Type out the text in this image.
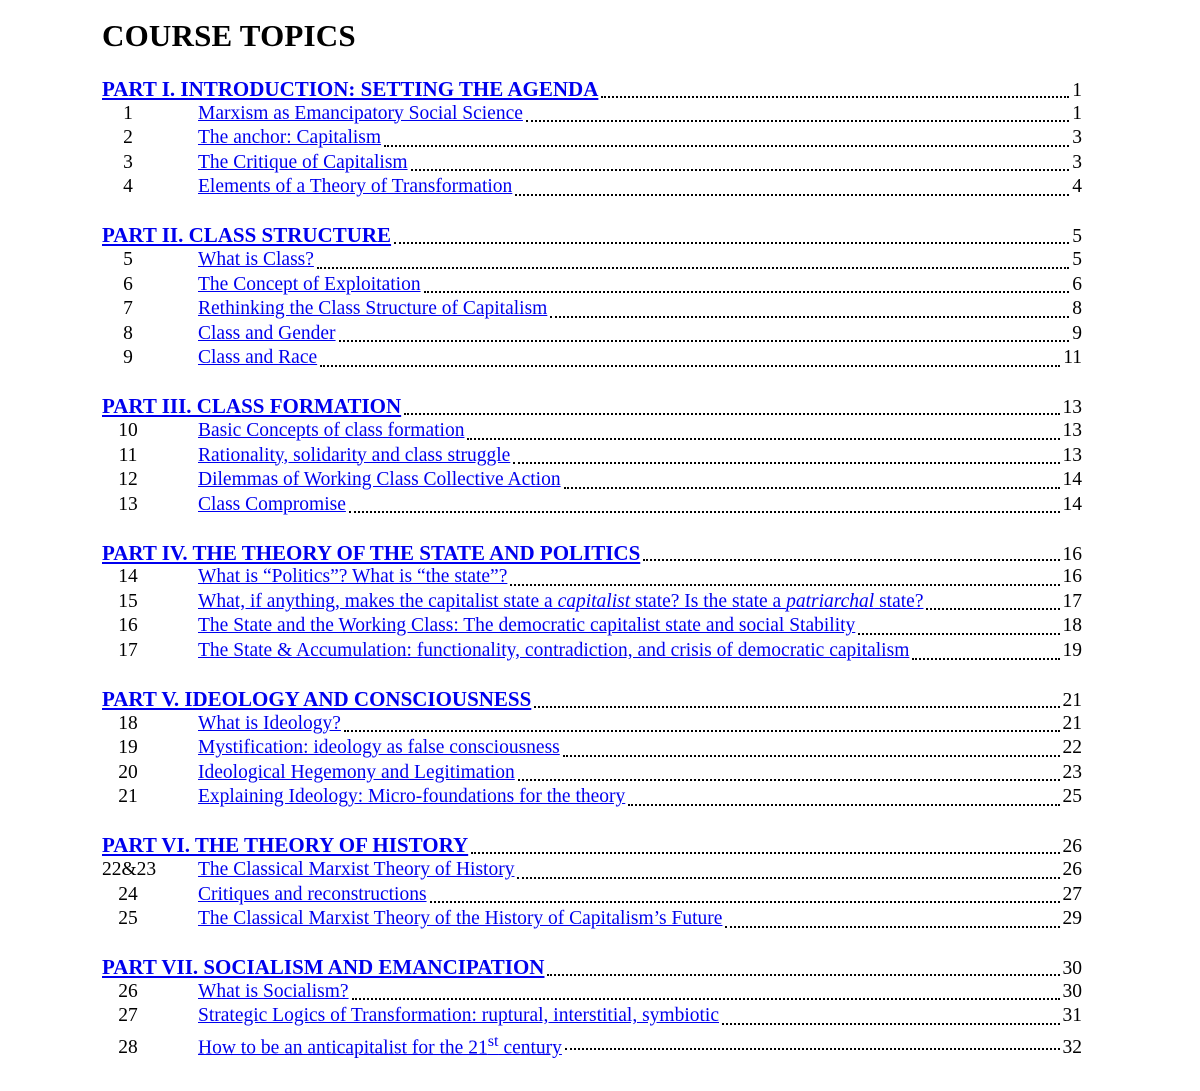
COURSE TOPICS
PART I. INTRODUCTION: SETTING THE AGENDA	1
1	Marxism as Emancipatory Social Science	1
2	The anchor: Capitalism	3
3	The Critique of Capitalism	3
4	Elements of a Theory of Transformation	4
PART II. CLASS STRUCTURE	5
5	What is Class?	5
6	The Concept of Exploitation	6
7	Rethinking the Class Structure of Capitalism	8
8	Class and Gender	9
9	Class and Race	11
PART III. CLASS FORMATION	13
10	Basic Concepts of class formation	13
11	Rationality, solidarity and class struggle	13
12	Dilemmas of Working Class Collective Action	14
13	Class Compromise	14
PART IV. THE THEORY OF THE STATE AND POLITICS	16
14	What is “Politics”? What is “the state”?	16
15	What, if anything, makes the capitalist state a capitalist state? Is the state a patriarchal state?	17
16	The State and the Working Class: The democratic capitalist state and social Stability	18
17	The State & Accumulation: functionality, contradiction, and crisis of democratic capitalism	19
PART V. IDEOLOGY AND CONSCIOUSNESS	21
18	What is Ideology?	21
19	Mystification: ideology as false consciousness	22
20	Ideological Hegemony and Legitimation	23
21	Explaining Ideology: Micro-foundations for the theory	25
PART VI. THE THEORY OF HISTORY	26
22&23	The Classical Marxist Theory of History	26
24	Critiques and reconstructions	27
25	The Classical Marxist Theory of the History of Capitalism’s Future	29
PART VII. SOCIALISM AND EMANCIPATION	30
26	What is Socialism?	30
27	Strategic Logics of Transformation: ruptural, interstitial, symbiotic	31
28	How to be an anticapitalist for the 21st century	32
